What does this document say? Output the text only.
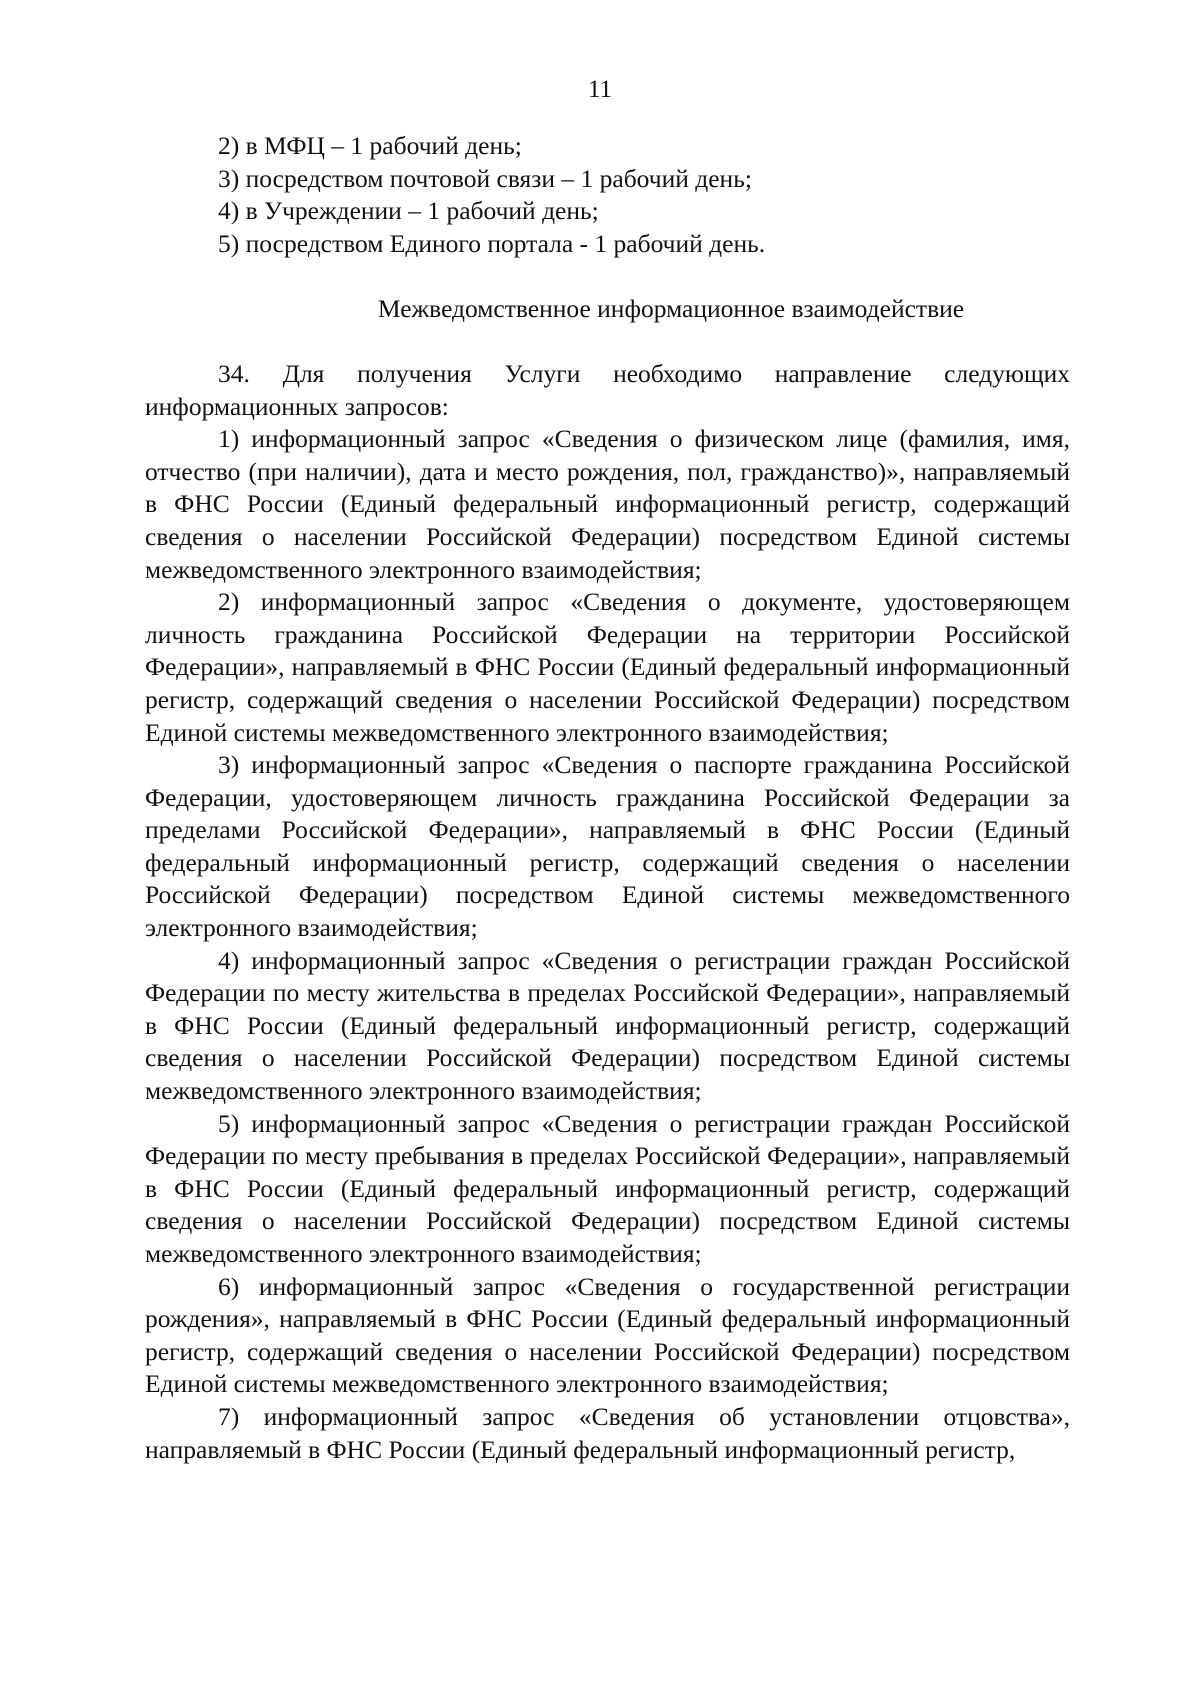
11

2) в МФЦ – 1 рабочий день;

3) посредством почтовой связи – 1 рабочий день;

4) в Учреждении – 1 рабочий день;

5) посредством Единого портала - 1 рабочий день.

Межведомственное информационное взаимодействие

34. Для получения Услуги необходимо направление следующих информационных запросов:

1) информационный запрос «Сведения о физическом лице (фамилия, имя, отчество (при наличии), дата и место рождения, пол, гражданство)», направляемый в ФНС России (Единый федеральный информационный регистр, содержащий сведения о населении Российской Федерации) посредством Единой системы межведомственного электронного взаимодействия;

2) информационный запрос «Сведения о документе, удостоверяющем личность гражданина Российской Федерации на территории Российской Федерации», направляемый в ФНС России (Единый федеральный информационный регистр, содержащий сведения о населении Российской Федерации) посредством Единой системы межведомственного электронного взаимодействия;

3) информационный запрос «Сведения о паспорте гражданина Российской Федерации, удостоверяющем личность гражданина Российской Федерации за пределами Российской Федерации», направляемый в ФНС России (Единый федеральный информационный регистр, содержащий сведения о населении Российской Федерации) посредством Единой системы межведомственного электронного взаимодействия;

4) информационный запрос «Сведения о регистрации граждан Российской Федерации по месту жительства в пределах Российской Федерации», направляемый в ФНС России (Единый федеральный информационный регистр, содержащий сведения о населении Российской Федерации) посредством Единой системы межведомственного электронного взаимодействия;

5) информационный запрос «Сведения о регистрации граждан Российской Федерации по месту пребывания в пределах Российской Федерации», направляемый в ФНС России (Единый федеральный информационный регистр, содержащий сведения о населении Российской Федерации) посредством Единой системы межведомственного электронного взаимодействия;

6) информационный запрос «Сведения о государственной регистрации рождения», направляемый в ФНС России (Единый федеральный информационный регистр, содержащий сведения о населении Российской Федерации) посредством Единой системы межведомственного электронного взаимодействия;

7) информационный запрос «Сведения об установлении отцовства», направляемый в ФНС России (Единый федеральный информационный регистр,
